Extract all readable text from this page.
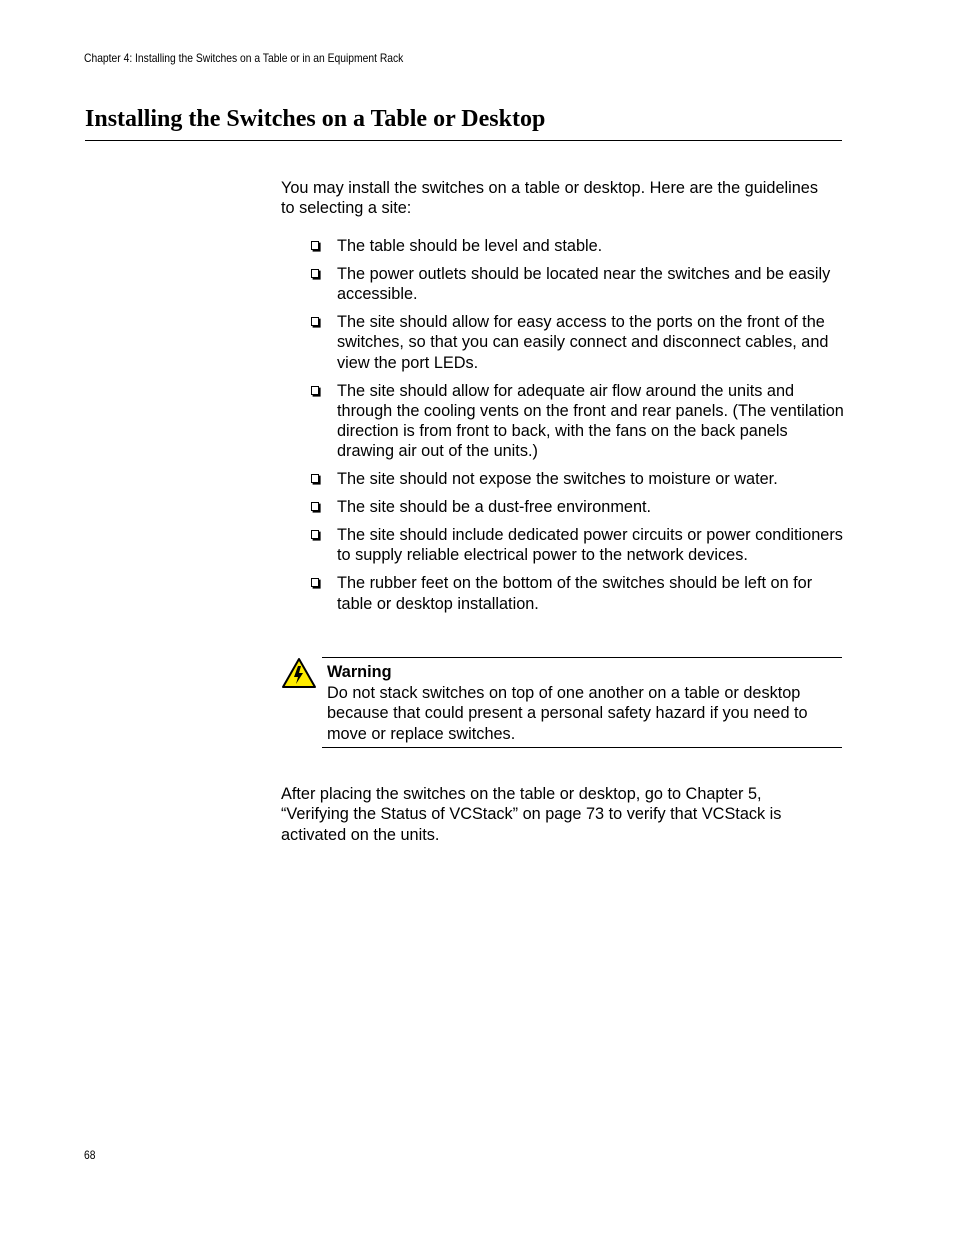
Chapter 4: Installing the Switches on a Table or in an Equipment Rack
Installing the Switches on a Table or Desktop

You may install the switches on a table or desktop. Here are the guidelines to selecting a site:

The table should be level and stable.
The power outlets should be located near the switches and be easily accessible.
The site should allow for easy access to the ports on the front of the switches, so that you can easily connect and disconnect cables, and view the port LEDs.
The site should allow for adequate air flow around the units and through the cooling vents on the front and rear panels. (The ventilation direction is from front to back, with the fans on the back panels drawing air out of the units.)
The site should not expose the switches to moisture or water.
The site should be a dust-free environment.
The site should include dedicated power circuits or power conditioners to supply reliable electrical power to the network devices.
The rubber feet on the bottom of the switches should be left on for table or desktop installation.
Warning

Do not stack switches on top of one another on a table or desktop because that could present a personal safety hazard if you need to move or replace switches.

After placing the switches on the table or desktop, go to Chapter 5, “Verifying the Status of VCStack” on page 73 to verify that VCStack is activated on the units.

68
